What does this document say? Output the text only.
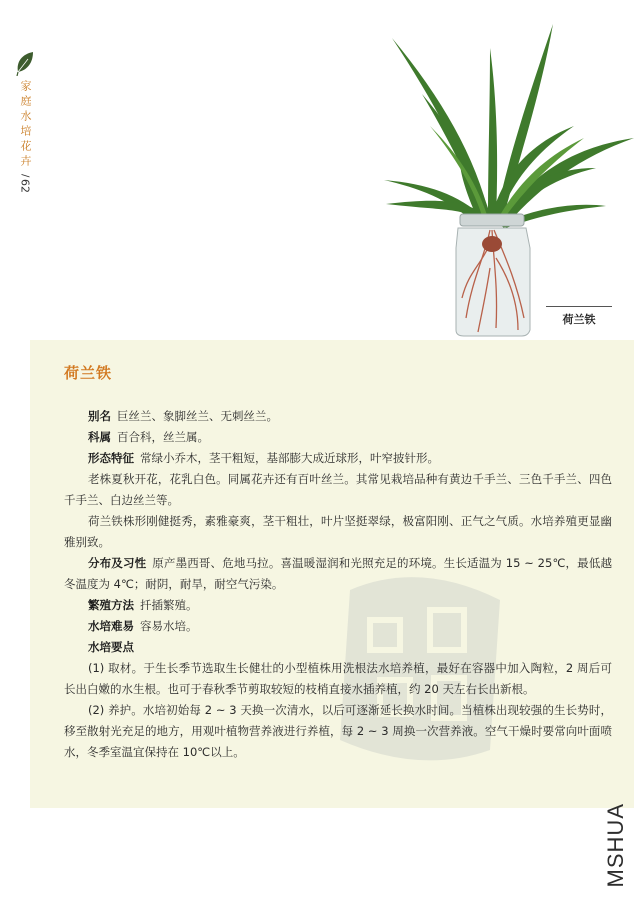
家庭水培花卉
/
62
荷兰铁
荷兰铁

别名 巨丝兰、象脚丝兰、无刺丝兰。

科属 百合科，丝兰属。

形态特征 常绿小乔木，茎干粗短，基部膨大成近球形，叶窄披针形。

老株夏秋开花，花乳白色。同属花卉还有百叶丝兰。其常见栽培品种有黄边千手兰、三色千手兰、四色千手兰、白边丝兰等。

荷兰铁株形刚健挺秀，素雅豪爽，茎干粗壮，叶片坚挺翠绿，极富阳刚、正气之气质。水培养殖更显幽雅别致。

分布及习性 原产墨西哥、危地马拉。喜温暖湿润和光照充足的环境。生长适温为 15 ~ 25℃，最低越冬温度为 4℃；耐阴，耐旱，耐空气污染。

繁殖方法 扦插繁殖。

水培难易 容易水培。

水培要点

(1) 取材。于生长季节选取生长健壮的小型植株用洗根法水培养植，最好在容器中加入陶粒，2 周后可长出白嫩的水生根。也可于春秋季节剪取较短的枝梢直接水插养植，约 20 天左右长出新根。

(2) 养护。水培初始每 2 ~ 3 天换一次清水，以后可逐渐延长换水时间。当植株出现较强的生长势时，移至散射光充足的地方，用观叶植物营养液进行养植，每 2 ~ 3 周换一次营养液。空气干燥时要常向叶面喷水，冬季室温宜保持在 10℃以上。

MSHUA
